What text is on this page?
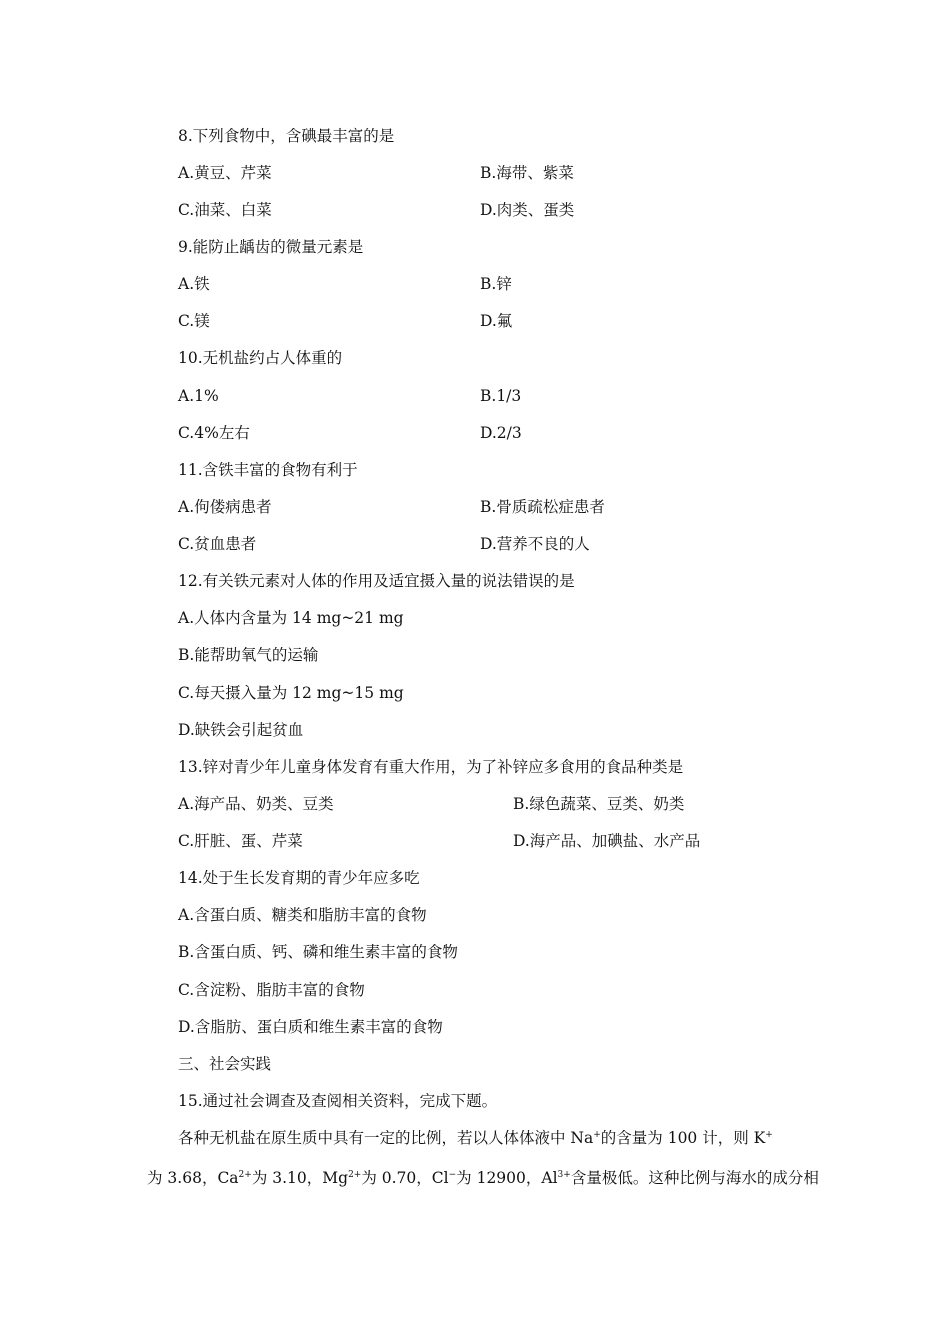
8.下列食物中，含碘最丰富的是
A.黄豆、芹菜	B.海带、紫菜
C.油菜、白菜	D.肉类、蛋类
9.能防止龋齿的微量元素是
A.铁	B.锌
C.镁	D.氟
10.无机盐约占人体重的
A.1%	B.1/3
C.4%左右	D.2/3
11.含铁丰富的食物有利于
A.佝偻病患者	B.骨质疏松症患者
C.贫血患者	D.营养不良的人
12.有关铁元素对人体的作用及适宜摄入量的说法错误的是
A.人体内含量为 14 mg~21 mg
B.能帮助氧气的运输
C.每天摄入量为 12 mg~15 mg
D.缺铁会引起贫血
13.锌对青少年儿童身体发育有重大作用，为了补锌应多食用的食品种类是
A.海产品、奶类、豆类	B.绿色蔬菜、豆类、奶类
C.肝脏、蛋、芹菜	D.海产品、加碘盐、水产品
14.处于生长发育期的青少年应多吃
A.含蛋白质、糖类和脂肪丰富的食物
B.含蛋白质、钙、磷和维生素丰富的食物
C.含淀粉、脂肪丰富的食物
D.含脂肪、蛋白质和维生素丰富的食物
三、社会实践
15.通过社会调查及查阅相关资料，完成下题。
各种无机盐在原生质中具有一定的比例，若以人体体液中 Na+的含量为 100 计，则 K+
为 3.68，$Ca^{2+}$为 3.10，$Mg^{2+}$为 0.70，Cl−为 12900，$Al^{3+}$含量极低。这种比例与海水的成分相
